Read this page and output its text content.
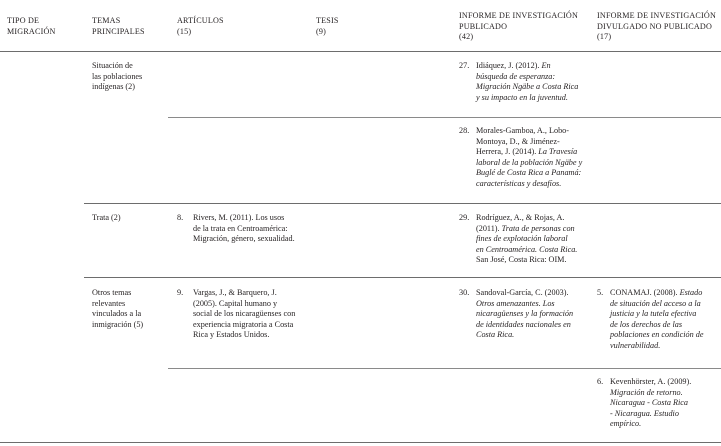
TIPO DE
MIGRACIÓN
TEMAS
PRINCIPALES
ARTÍCULOS
(15)
TESIS
(9)
INFORME DE INVESTIGACIÓN
PUBLICADO
(42)
INFORME DE INVESTIGACIÓN
DIVULGADO NO PUBLICADO
(17)
Situación de
las poblaciones
indígenas (2)
27. Idiáquez, J. (2012). En
búsqueda de esperanza:
Migración Ngäbe a Costa Rica
y su impacto en la juventud.
28. Morales-Gamboa, A., Lobo-
Montoya, D., & Jiménez-
Herrera, J. (2014). La Travesía
laboral de la población Ngäbe y
Buglé de Costa Rica a Panamá:
características y desafíos.
Trata (2)	8. Rivers, M. (2011). Los usos
de la trata en Centroamérica:
Migración, género, sexualidad.
29. Rodríguez, A., & Rojas, A.
(2011). Trata de personas con
fines de explotación laboral
en Centroamérica. Costa Rica.
San José, Costa Rica: OIM.
Otros temas
relevantes
vinculados a la
inmigración (5)
9. Vargas, J., & Barquero, J.
(2005). Capital humano y
social de los nicaragüenses con
experiencia migratoria a Costa
Rica y Estados Unidos.
30. Sandoval-García, C. (2003).
Otros amenazantes. Los
nicaragüenses y la formación
de identidades nacionales en
Costa Rica.
5. CONAMAJ. (2008). Estado
de situación del acceso a la
justicia y la tutela efectiva
de los derechos de las
poblaciones en condición de
vulnerabilidad.
6. Kevenhörster, A. (2009).
Migración de retorno.
Nicaragua - Costa Rica
- Nicaragua. Estudio
empírico.
